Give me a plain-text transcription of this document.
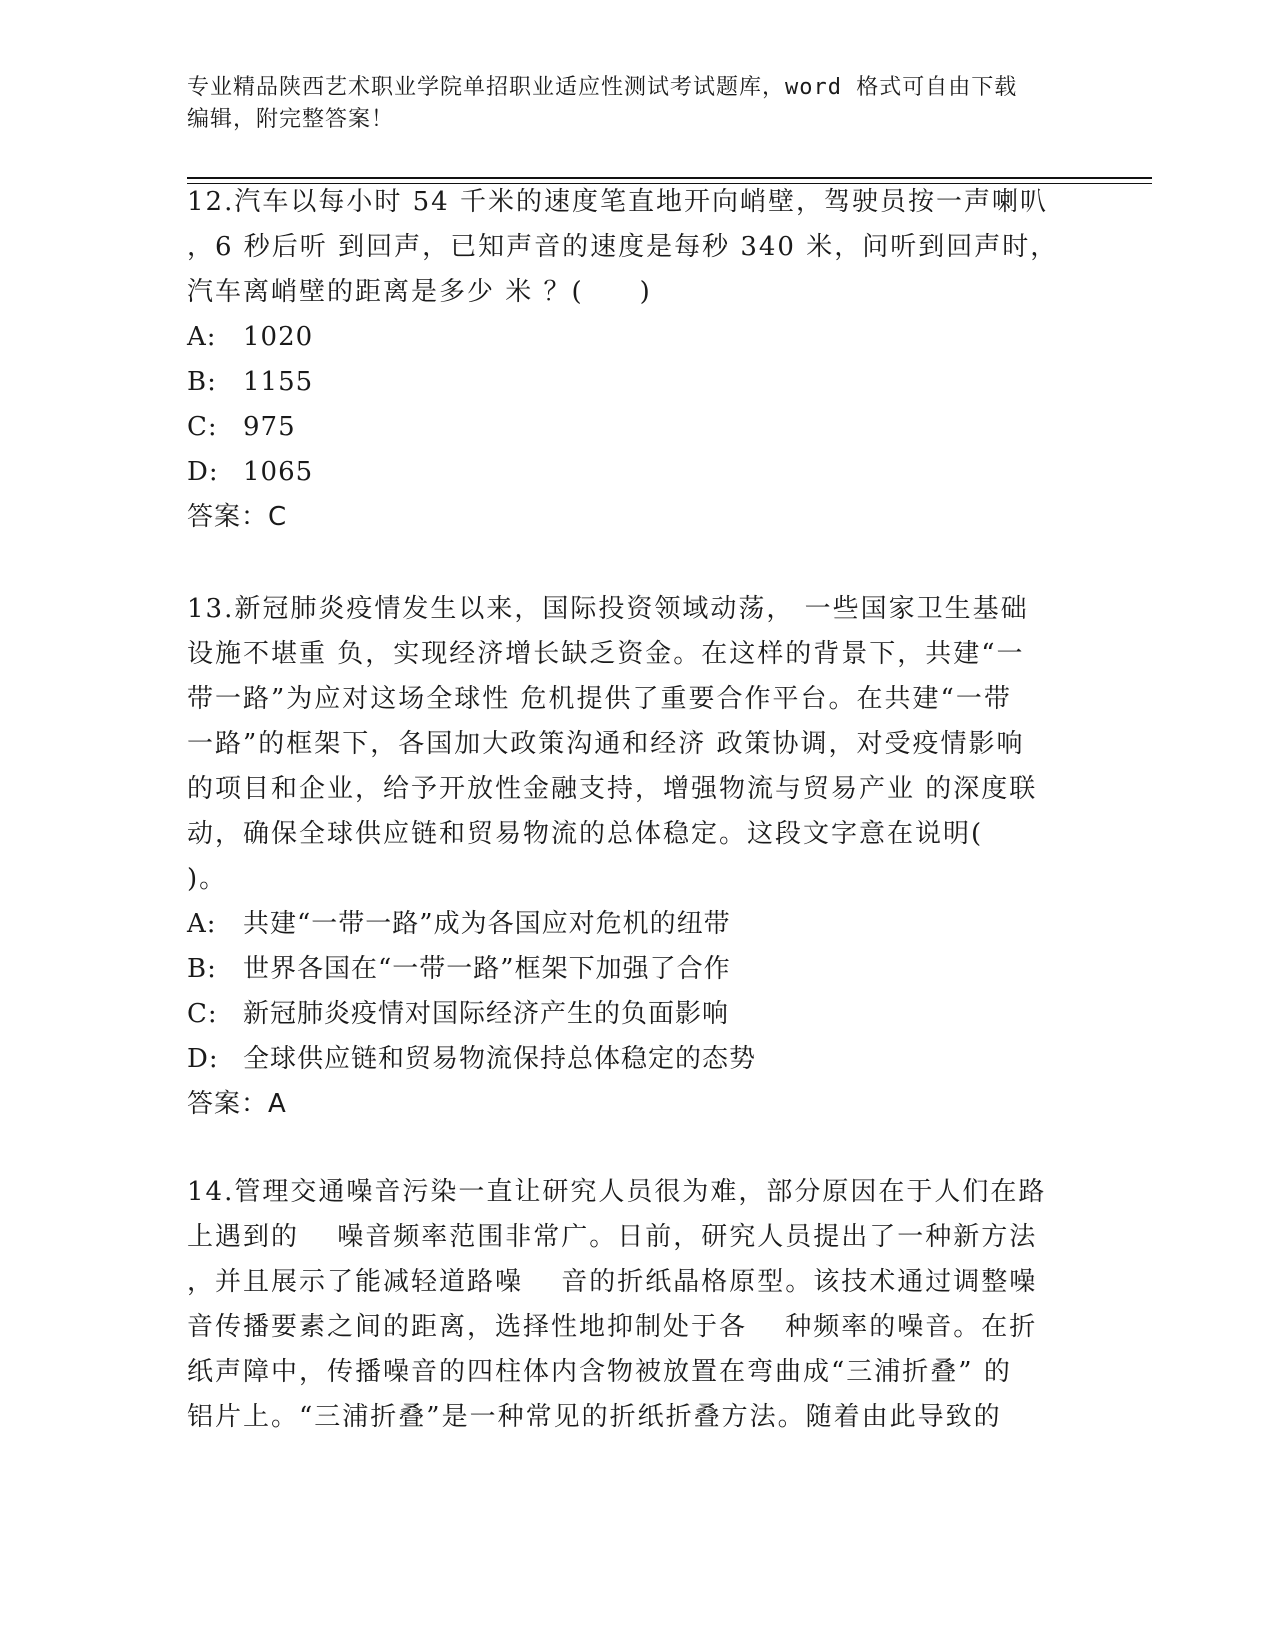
专业精品陕西艺术职业学院单招职业适应性测试考试题库，word 格式可自由下载
编辑，附完整答案！

12.汽车以每小时 54 千米的速度笔直地开向峭壁，驾驶员按一声喇叭

，6 秒后听 到回声，已知声音的速度是每秒 340 米，问听到回声时，

汽车离峭壁的距离是多少 米 ？(　　)

A:	1020
B:	1155
C: 975
D: 1065
答案：C

13.新冠肺炎疫情发生以来，国际投资领域动荡， 一些国家卫生基础

设施不堪重 负，实现经济增长缺乏资金。在这样的背景下，共建“一

带一路”为应对这场全球性 危机提供了重要合作平台。在共建“一带

一路”的框架下，各国加大政策沟通和经济 政策协调，对受疫情影响

的项目和企业，给予开放性金融支持，增强物流与贸易产业 的深度联

动，确保全球供应链和贸易物流的总体稳定。这段文字意在说明(

)。

A:	共建“一带一路”成为各国应对危机的纽带
B:	世界各国在“一带一路”框架下加强了合作
C: 新冠肺炎疫情对国际经济产生的负面影响
D: 全球供应链和贸易物流保持总体稳定的态势
答案：A

14.管理交通噪音污染一直让研究人员很为难，部分原因在于人们在路

上遇到的 　噪音频率范围非常广。日前，研究人员提出了一种新方法

，并且展示了能减轻道路噪 　音的折纸晶格原型。该技术通过调整噪

音传播要素之间的距离，选择性地抑制处于各 　种频率的噪音。在折

纸声障中，传播噪音的四柱体内含物被放置在弯曲成“三浦折叠” 的

铝片上。“三浦折叠”是一种常见的折纸折叠方法。随着由此导致的
